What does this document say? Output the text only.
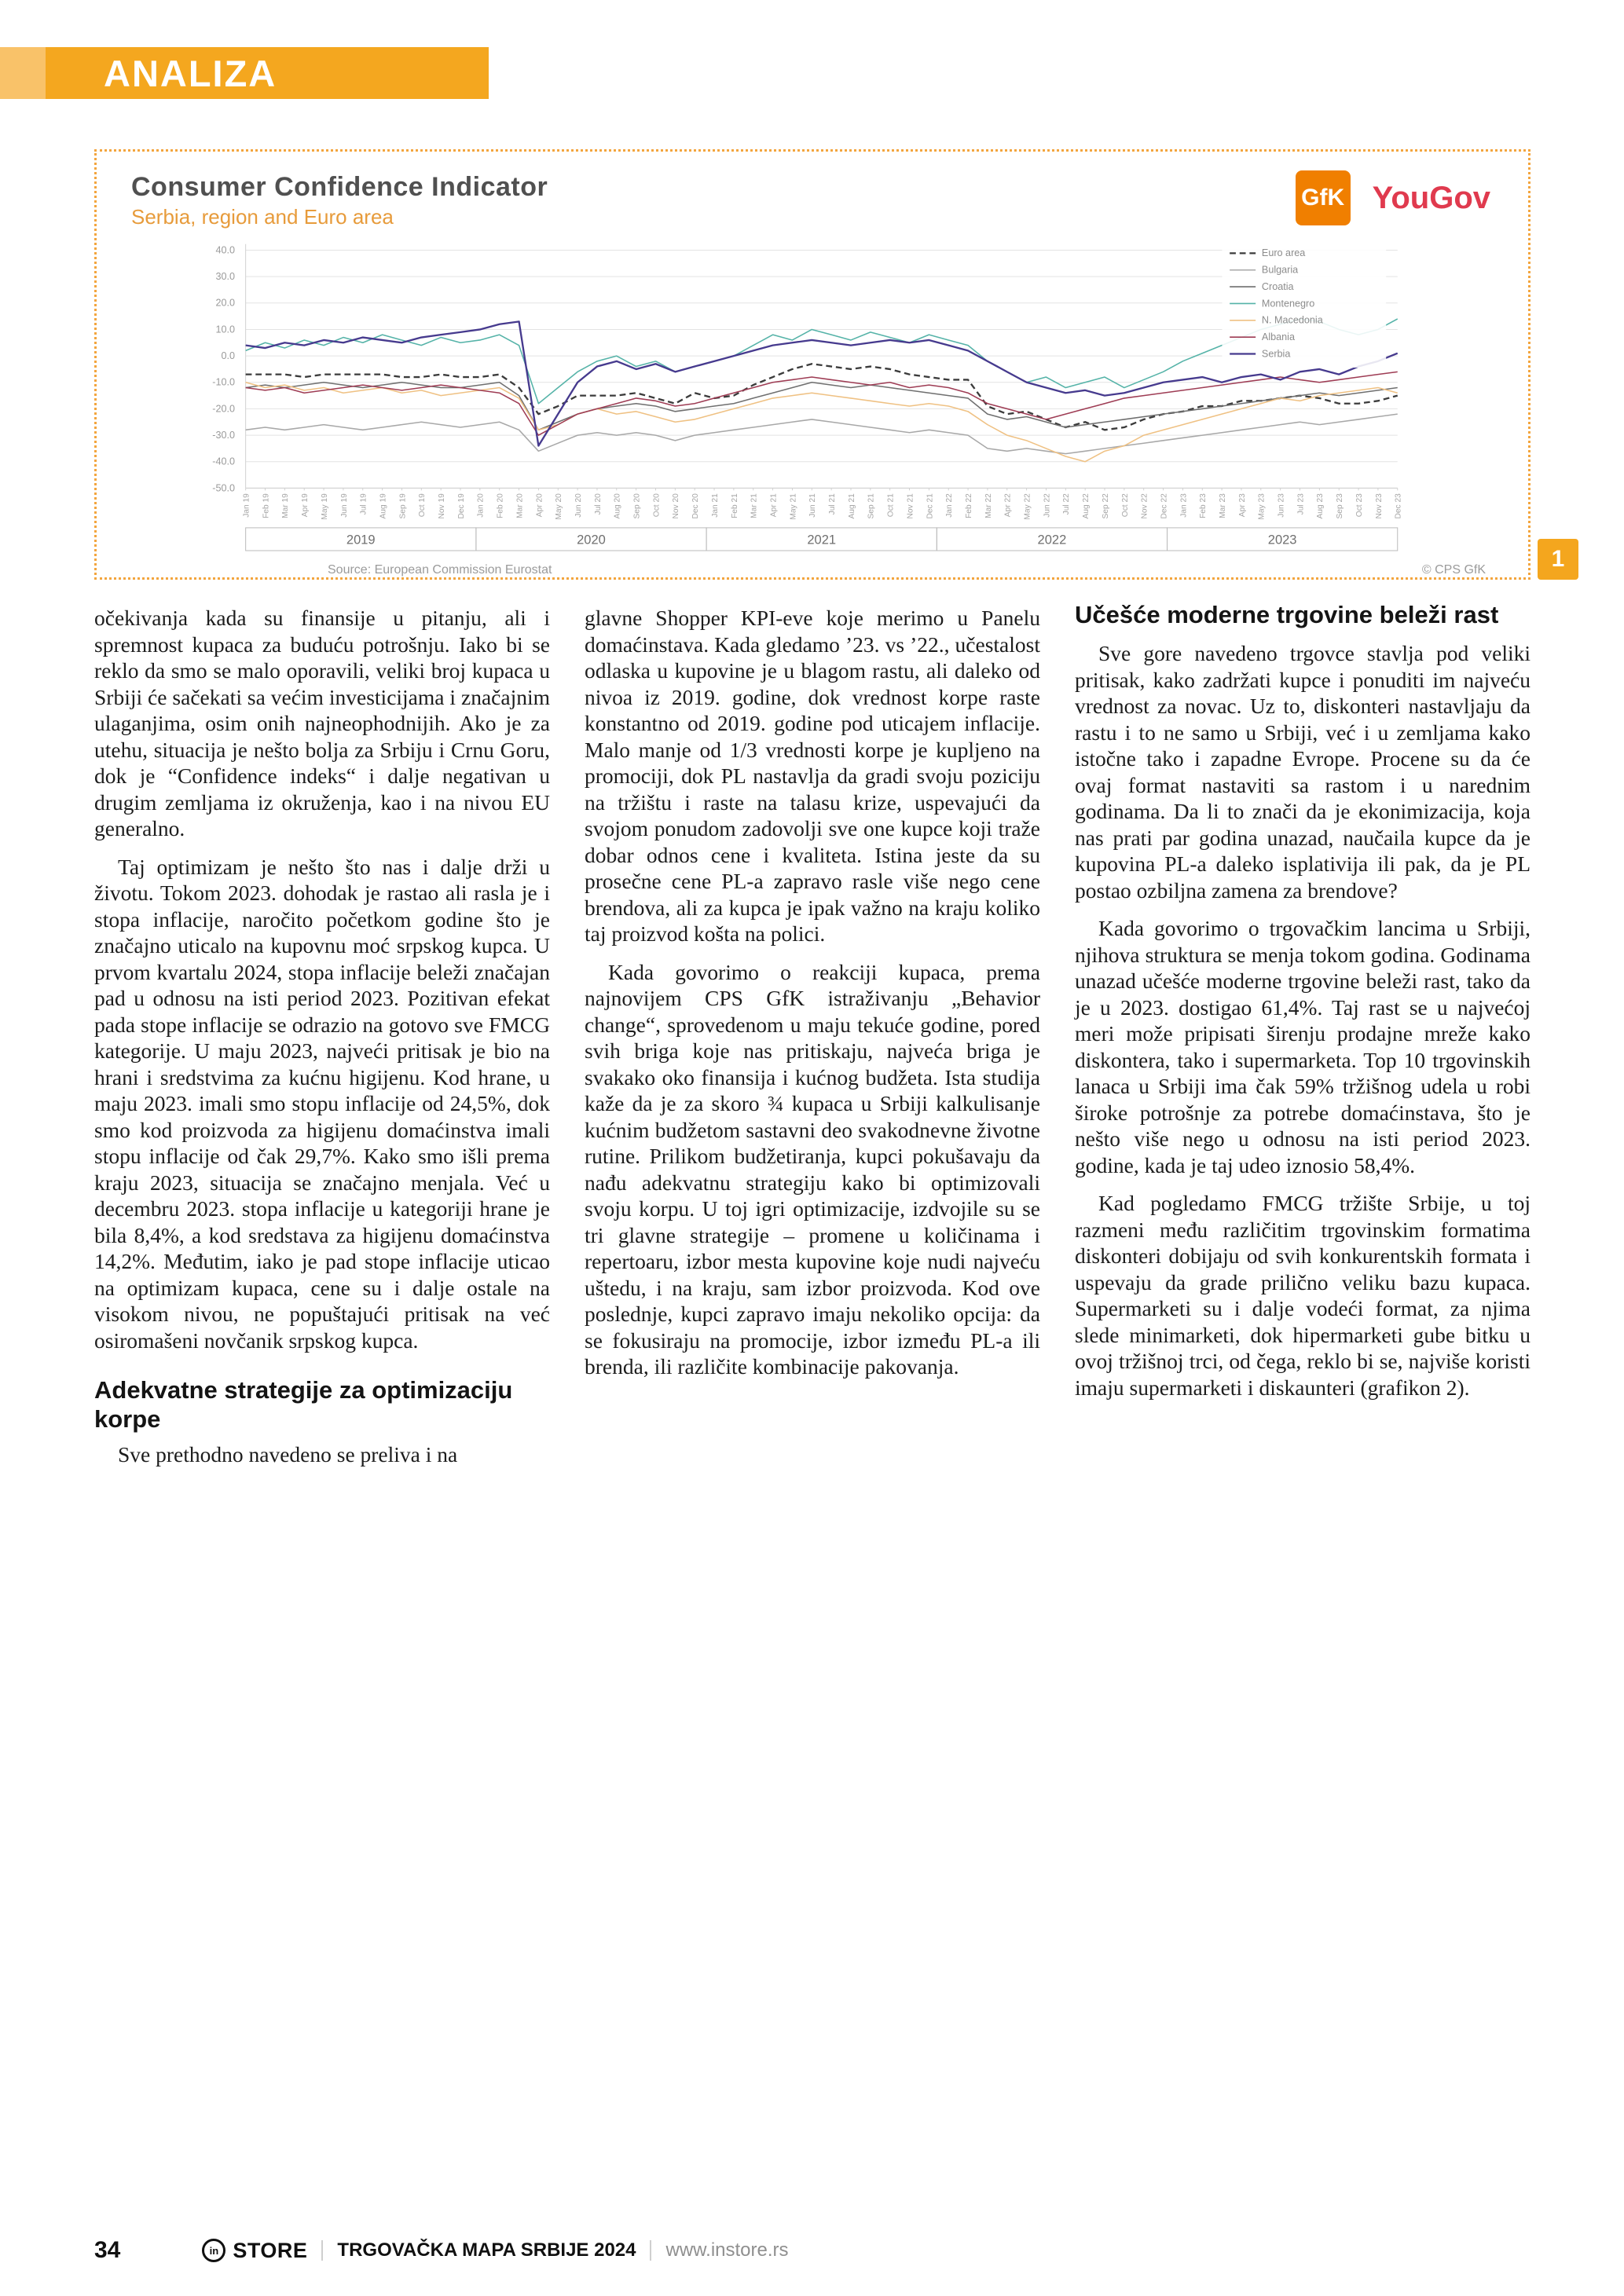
ANALIZA
Consumer Confidence Indicator
Serbia, region and Euro area
GfK YouGov
-50.0
-40.0
-30.0
-20.0
-10.0
0.0
10.0
20.0
30.0
40.0
Jan 19 Feb 19 Mar 19 Apr 19 May 19 Jun 19 Jul 19 Aug 19 Sep 19 Oct 19 Nov 19 Dec 19 Jan 20 Feb 20 Mar 20 Apr 20 May 20 Jun 20 Jul 20 Aug 20 Sep 20 Oct 20 Nov 20 Dec 20 Jan 21 Feb 21 Mar 21 Apr 21 May 21 Jun 21 Jul 21 Aug 21 Sep 21 Oct 21 Nov 21 Dec 21 Jan 22 Feb 22 Mar 22 Apr 22 May 22 Jun 22 Jul 22 Aug 22 Sep 22 Oct 22 Nov 22 Dec 22 Jan 23 Feb 23 Mar 23 Apr 23 May 23 Jun 23 Jul 23 Aug 23 Sep 23 Oct 23 Nov 23 Dec 23
2019	2020	2021	2022	2023
Euro area
Bulgaria
Croatia
Montenegro
N. Macedonia
Albania
Serbia
Source: European Commission Eurostat	© CPS GfK	1

očekivanja kada su finansije u pitanju, ali i spremnost kupaca za buduću potrošnju. Iako bi se reklo da smo se malo oporavili, veliki broj kupaca u Srbiji će sačekati sa većim investicijama i značajnim ulaganjima, osim onih najneophodnijih. Ako je za utehu, situacija je nešto bolja za Srbiju i Crnu Goru, dok je “Confidence indeks“ i dalje negativan u drugim zemljama iz okruženja, kao i na nivou EU generalno.

Taj optimizam je nešto što nas i dalje drži u životu. Tokom 2023. dohodak je rastao ali rasla je i stopa inflacije, naročito početkom godine što je značajno uticalo na kupovnu moć srpskog kupca. U prvom kvartalu 2024, stopa inflacije beleži značajan pad u odnosu na isti period 2023. Pozitivan efekat pada stope inflacije se odrazio na gotovo sve FMCG kategorije. U maju 2023, najveći pritisak je bio na hrani i sredstvima za kućnu higijenu. Kod hrane, u maju 2023. imali smo stopu inflacije od 24,5%, dok smo kod proizvoda za higijenu domaćinstva imali stopu inflacije od čak 29,7%. Kako smo išli prema kraju 2023, situacija se značajno menjala. Već u decembru 2023. stopa inflacije u kategoriji hrane je bila 8,4%, a kod sredstava za higijenu domaćinstva 14,2%. Međutim, iako je pad stope inflacije uticao na optimizam kupaca, cene su i dalje ostale na visokom nivou, ne popuštajući pritisak na već osiromašeni novčanik srpskog kupca.

Adekvatne strategije za optimizaciju korpe

Sve prethodno navedeno se preliva i na

glavne Shopper KPI-eve koje merimo u Panelu domaćinstava. Kada gledamo ’23. vs ’22., učestalost odlaska u kupovine je u blagom rastu, ali daleko od nivoa iz 2019. godine, dok vrednost korpe raste konstantno od 2019. godine pod uticajem inflacije. Malo manje od 1/3 vrednosti korpe je kupljeno na promociji, dok PL nastavlja da gradi svoju poziciju na tržištu i raste na talasu krize, uspevajući da svojom ponudom zadovolji sve one kupce koji traže dobar odnos cene i kvaliteta. Istina jeste da su prosečne cene PL-a zapravo rasle više nego cene brendova, ali za kupca je ipak važno na kraju koliko taj proizvod košta na polici.

Kada govorimo o reakciji kupaca, prema najnovijem CPS GfK istraživanju „Behavior change“, sprovedenom u maju tekuće godine, pored svih briga koje nas pritiskaju, najveća briga je svakako oko finansija i kućnog budžeta. Ista studija kaže da je za skoro ¾ kupaca u Srbiji kalkulisanje kućnim budžetom sastavni deo svakodnevne životne rutine. Prilikom budžetiranja, kupci pokušavaju da nađu adekvatnu strategiju kako bi optimizovali svoju korpu. U toj igri optimizacije, izdvojile su se tri glavne strategije – promene u količinama i repertoaru, izbor mesta kupovine koje nudi najveću uštedu, i na kraju, sam izbor proizvoda. Kod ove poslednje, kupci zapravo imaju nekoliko opcija: da se fokusiraju na promocije, izbor između PL-a ili brenda, ili različite kombinacije pakovanja.

Učešće moderne trgovine beleži rast

Sve gore navedeno trgovce stavlja pod veliki pritisak, kako zadržati kupce i ponuditi im najveću vrednost za novac. Uz to, diskonteri nastavljaju da rastu i to ne samo u Srbiji, već i u zemljama kako istočne tako i zapadne Evrope. Procene su da će ovaj format nastaviti sa rastom i u narednim godinama. Da li to znači da je ekonimizacija, koja nas prati par godina unazad, naučaila kupce da je kupovina PL-a daleko isplativija ili pak, da je PL postao ozbiljna zamena za brendove?

Kada govorimo o trgovačkim lancima u Srbiji, njihova struktura se menja tokom godina. Godinama unazad učešće moderne trgovine beleži rast, tako da je u 2023. dostigao 61,4%. Taj rast se u najvećoj meri može pripisati širenju prodajne mreže kako diskontera, tako i supermarketa. Top 10 trgovinskih lanaca u Srbiji ima čak 59% tržišnog udela u robi široke potrošnje za potrebe domaćinstava, što je nešto više nego u odnosu na isti period 2023. godine, kada je taj udeo iznosio 58,4%.

Kad pogledamo FMCG tržište Srbije, u toj razmeni među različitim trgovinskim formatima diskonteri dobijaju od svih konkurentskih formata i uspevaju da grade prilično veliku bazu kupaca. Supermarketi su i dalje vodeći format, za njima slede minimarketi, dok hipermarketi gube bitku u ovoj tržišnoj trci, od čega, reklo bi se, najviše koristi imaju supermarketi i diskaunteri (grafikon 2).

34	in STORE TRGOVAČKA MAPA SRBIJE 2024 www.instore.rs
